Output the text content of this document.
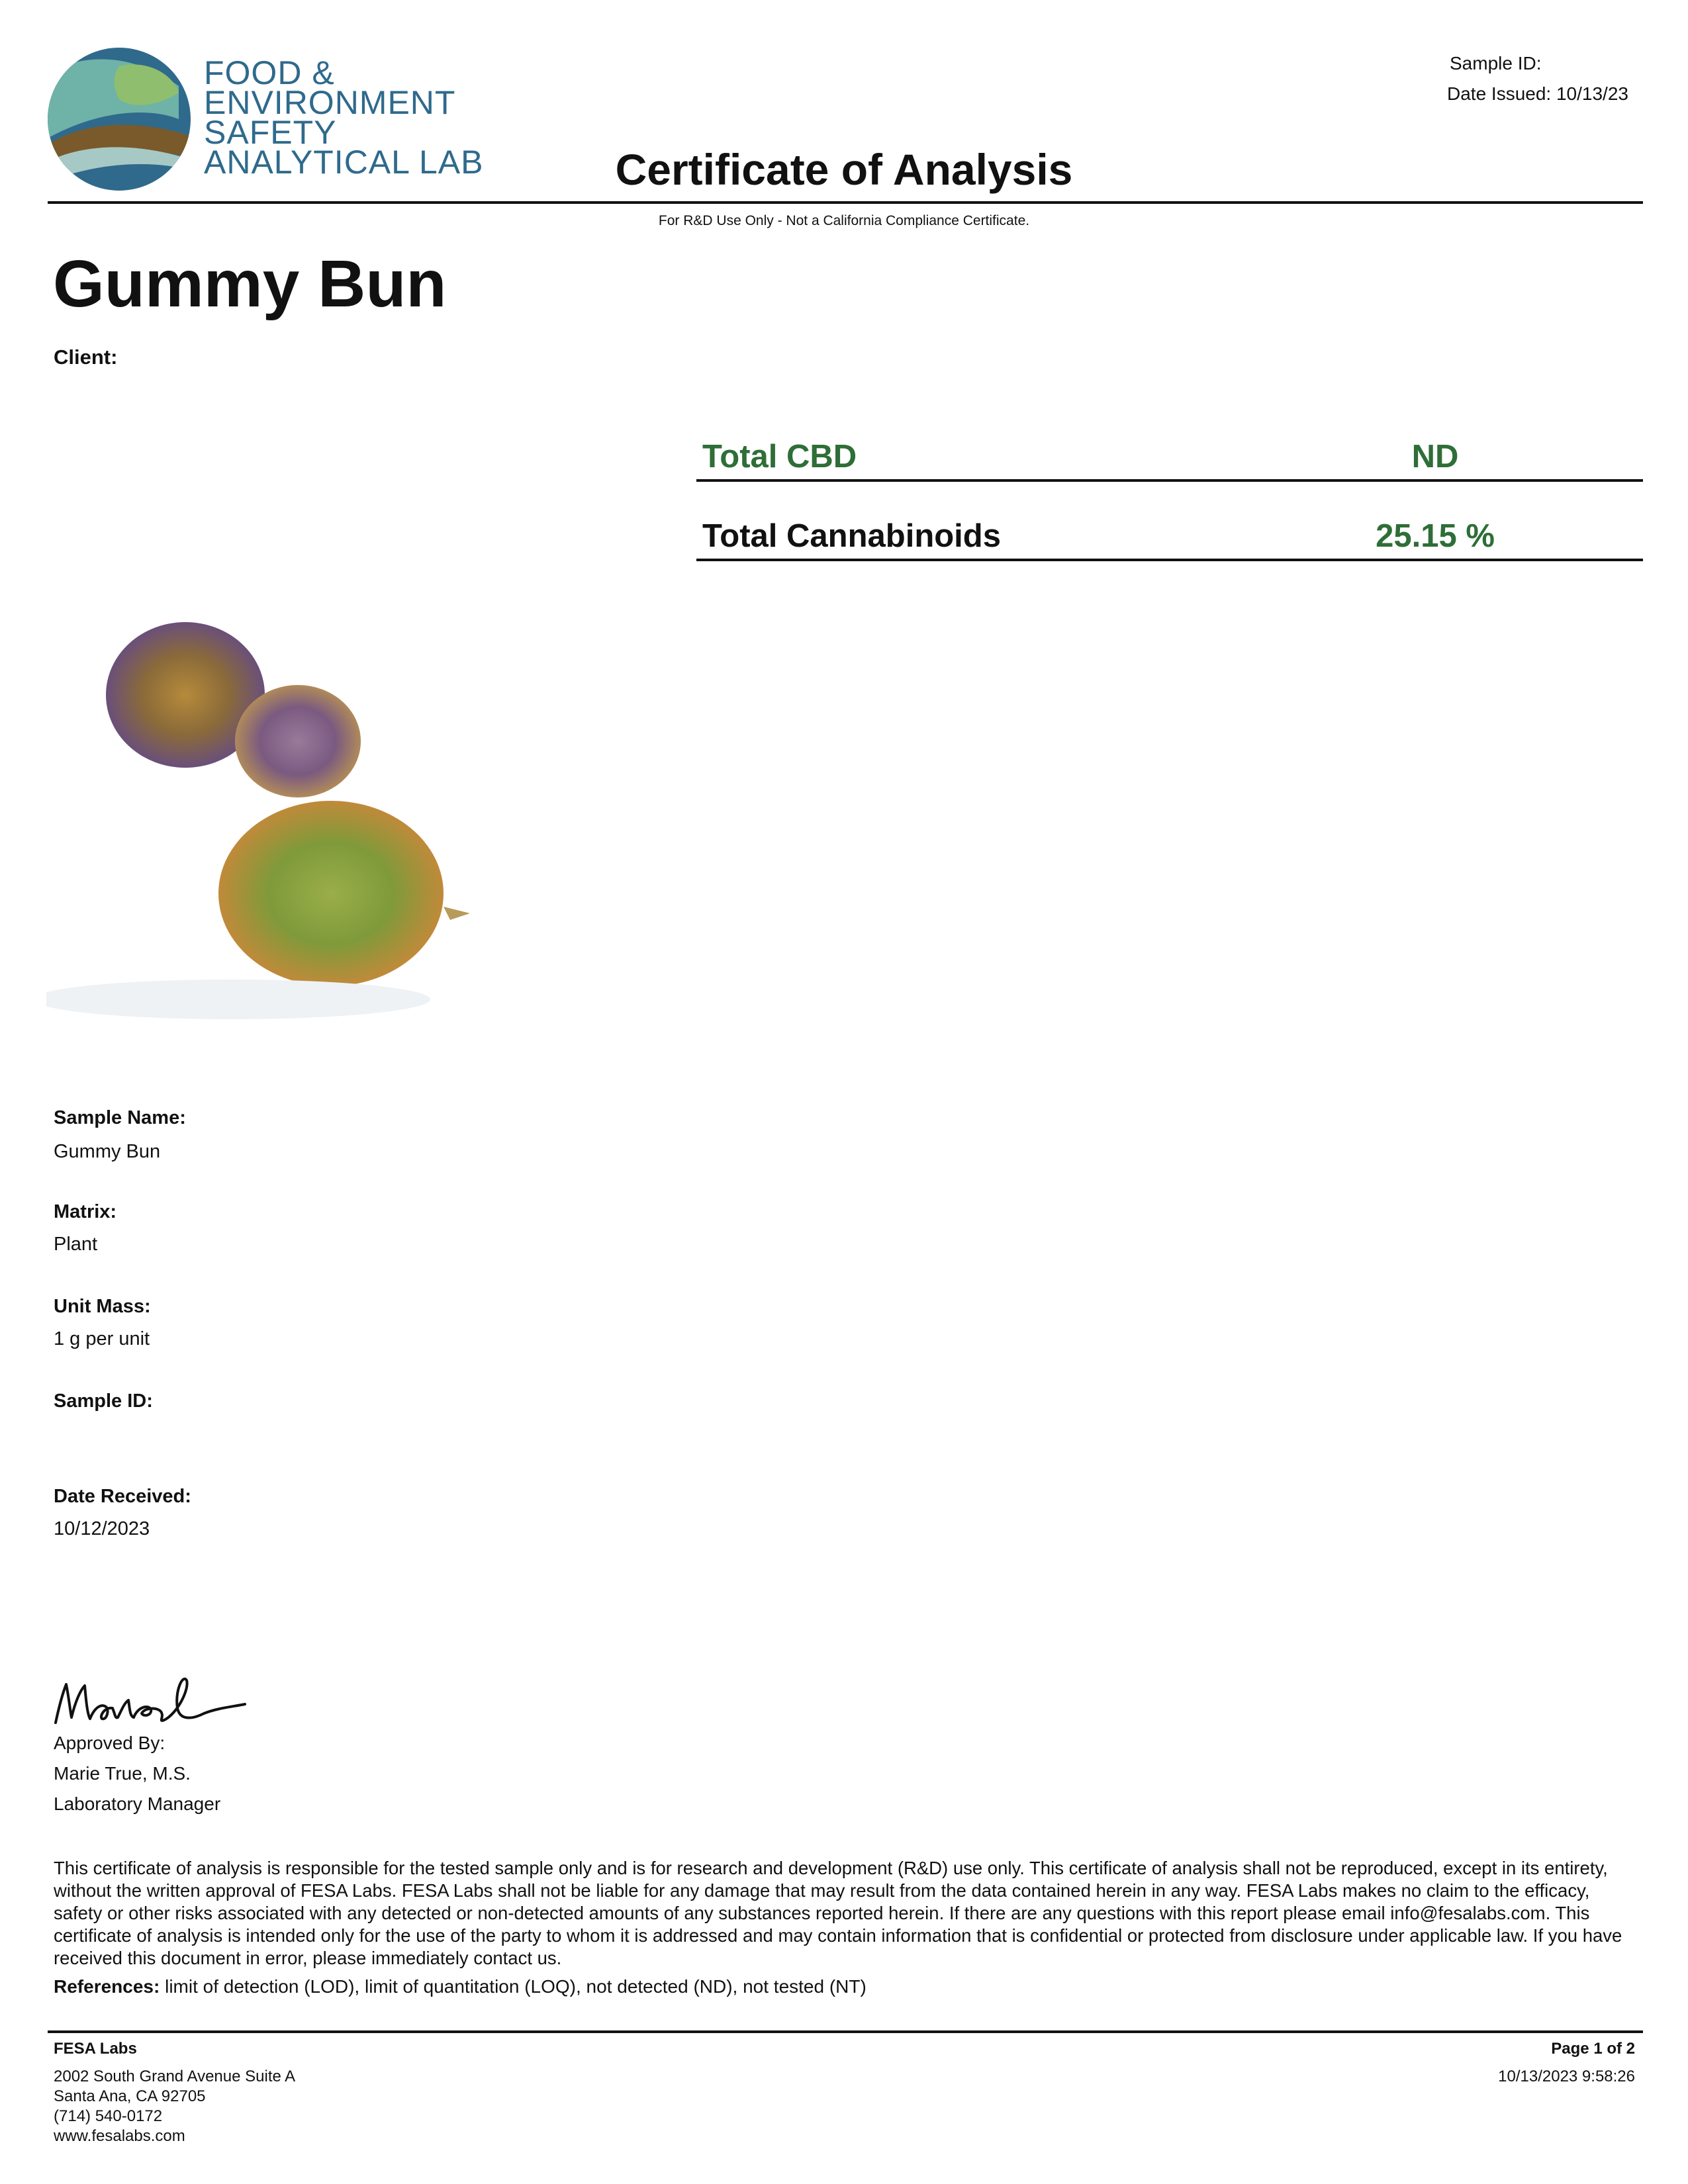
FOOD &
ENVIRONMENT
SAFETY
ANALYTICAL LAB
Sample ID:
Date Issued: 10/13/23
Certificate of Analysis
For R&D Use Only - Not a California Compliance Certificate.
Gummy Bun
Client:
Total CBD	ND
Total Cannabinoids	25.15 %
Sample Name:
Gummy Bun
Matrix:
Plant
Unit Mass:
1 g per unit
Sample ID:
Date Received:
10/12/2023
Approved By:
Marie True, M.S.
Laboratory Manager
This certificate of analysis is responsible for the tested sample only and is for research and development (R&D) use only. This certificate of analysis shall not be reproduced, except in its entirety, without the written approval of FESA Labs. FESA Labs shall not be liable for any damage that may result from the data contained herein in any way. FESA Labs makes no claim to the efficacy, safety or other risks associated with any detected or non-detected amounts of any substances reported herein. If there are any questions with this report please email info@fesalabs.com. This certificate of analysis is intended only for the use of the party to whom it is addressed and may contain information that is confidential or protected from disclosure under applicable law. If you have received this document in error, please immediately contact us.
References: limit of detection (LOD), limit of quantitation (LOQ), not detected (ND), not tested (NT)
FESA Labs
2002 South Grand Avenue Suite A
Santa Ana, CA 92705
(714) 540-0172
www.fesalabs.com
Page 1 of 2
10/13/2023 9:58:26
